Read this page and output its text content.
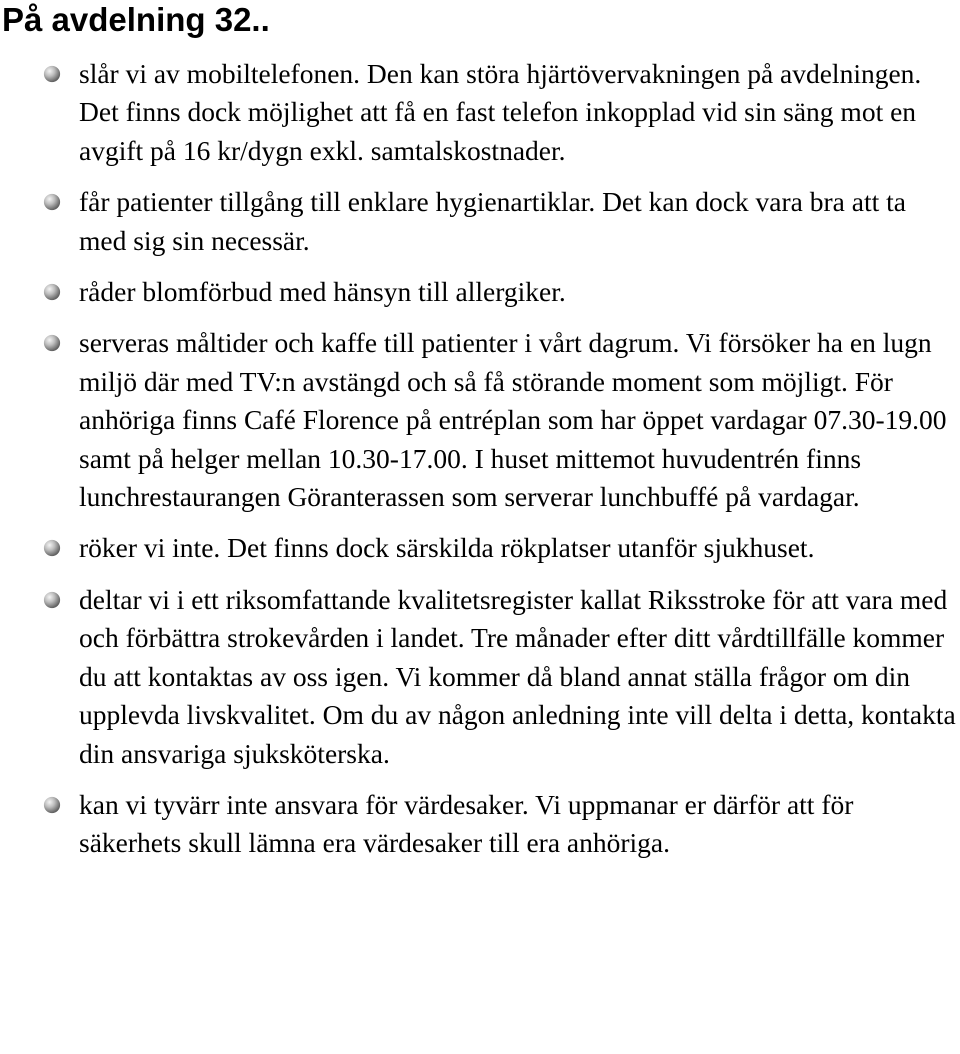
På avdelning 32..
slår vi av mobiltelefonen. Den kan störa hjärtövervakningen på avdelningen. Det finns dock möjlighet att få en fast telefon inkopplad vid sin säng mot en avgift på 16 kr/dygn exkl. samtalskostnader.
får patienter tillgång till enklare hygienartiklar. Det kan dock vara bra att ta med sig sin necessär.
råder blomförbud med hänsyn till allergiker.
serveras måltider och kaffe till patienter i vårt dagrum. Vi försöker ha en lugn miljö där med TV:n avstängd och så få störande moment som möjligt. För anhöriga finns Café Florence på entréplan som har öppet vardagar 07.30-19.00 samt på helger mellan 10.30-17.00. I huset mittemot huvudentrén finns lunchrestaurangen Göranterassen som serverar lunchbuffé på vardagar.
röker vi inte. Det finns dock särskilda rökplatser utanför sjukhuset.
deltar vi i ett riksomfattande kvalitetsregister kallat Riksstroke för att vara med och förbättra strokevården i landet. Tre månader efter ditt vårdtillfälle kommer du att kontaktas av oss igen. Vi kommer då bland annat ställa frågor om din upplevda livskvalitet. Om du av någon anledning inte vill delta i detta, kontakta din ansvariga sjuksköterska.
kan vi tyvärr inte ansvara för värdesaker. Vi uppmanar er därför att för säkerhets skull lämna era värdesaker till era anhöriga.
